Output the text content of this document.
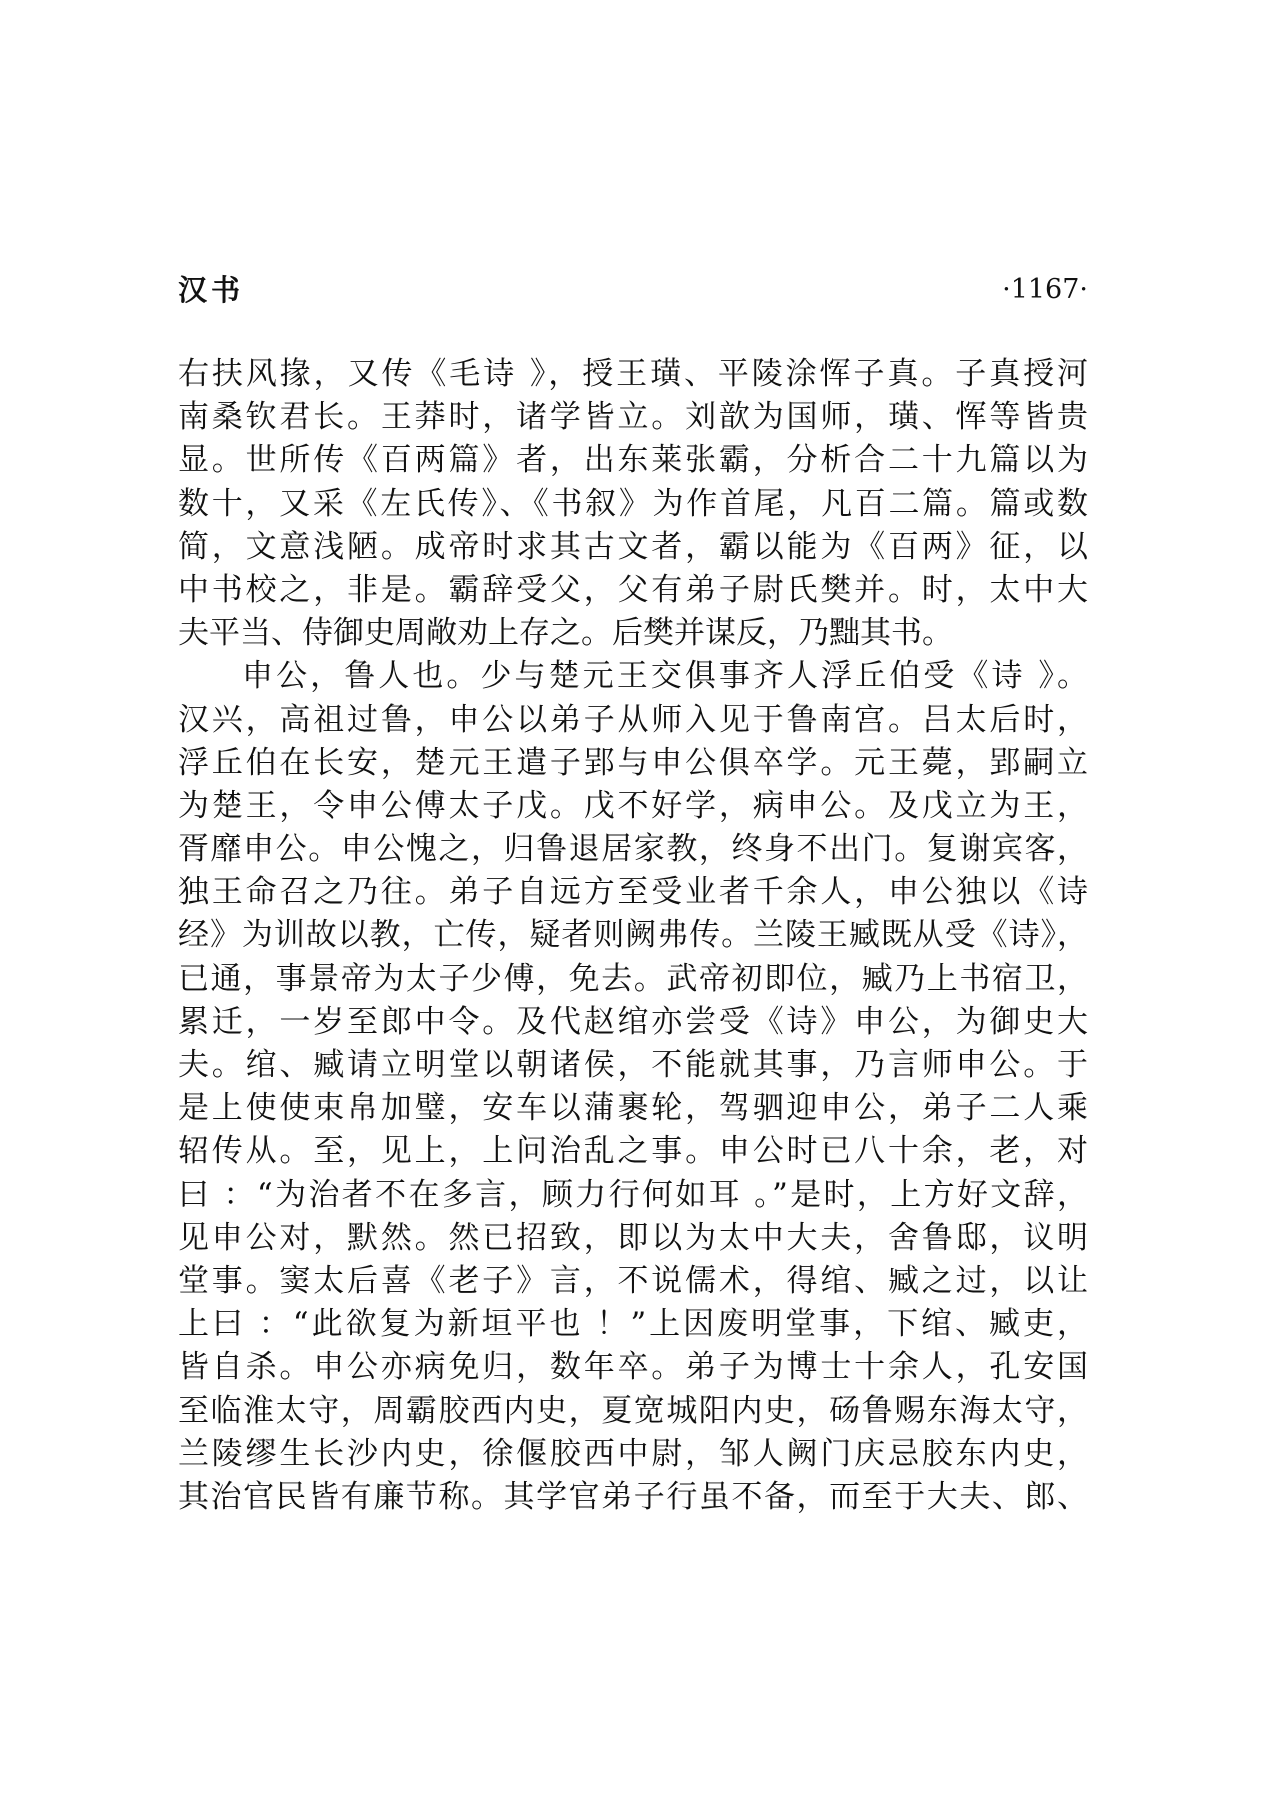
汉书	·1167·
右扶风掾，又传《毛诗 》，授王璜、平陵涂恽子真。子真授河
南桑钦君长。王莽时，诸学皆立。刘歆为国师，璜、恽等皆贵
显。世所传《百两篇》者，出东莱张霸，分析合二十九篇以为
数十，又采《左氏传》、《书叙》为作首尾，凡百二篇。篇或数
简，文意浅陋。成帝时求其古文者，霸以能为《百两》征，以
中书校之，非是。霸辞受父，父有弟子尉氏樊并。时，太中大
夫平当、侍御史周敞劝上存之。后樊并谋反，乃黜其书。
申公，鲁人也。少与楚元王交俱事齐人浮丘伯受《诗 》。
汉兴，高祖过鲁，申公以弟子从师入见于鲁南宫。吕太后时，
浮丘伯在长安，楚元王遣子郢与申公俱卒学。元王薨，郢嗣立
为楚王，令申公傅太子戊。戊不好学，病申公。及戊立为王，
胥靡申公。申公愧之，归鲁退居家教，终身不出门。复谢宾客，
独王命召之乃往。弟子自远方至受业者千余人，申公独以《诗
经》为训故以教，亡传，疑者则阙弗传。兰陵王臧既从受《诗》，
已通，事景帝为太子少傅，免去。武帝初即位，臧乃上书宿卫，
累迁，一岁至郎中令。及代赵绾亦尝受《诗》申公，为御史大
夫。绾、臧请立明堂以朝诸侯，不能就其事，乃言师申公。于
是上使使束帛加璧，安车以蒲裹轮，驾驷迎申公，弟子二人乘
轺传从。至，见上，上问治乱之事。申公时已八十余，老，对
曰 ：“为治者不在多言，顾力行何如耳 。”是时，上方好文辞，
见申公对，默然。然已招致，即以为太中大夫，舍鲁邸，议明
堂事。窦太后喜《老子》言，不说儒术，得绾、臧之过，以让
上曰 ：“此欲复为新垣平也 ！”上因废明堂事，下绾、臧吏，
皆自杀。申公亦病免归，数年卒。弟子为博士十余人，孔安国
至临淮太守，周霸胶西内史，夏宽城阳内史，砀鲁赐东海太守，
兰陵缪生长沙内史，徐偃胶西中尉，邹人阙门庆忌胶东内史，
其治官民皆有廉节称。其学官弟子行虽不备，而至于大夫、郎、
